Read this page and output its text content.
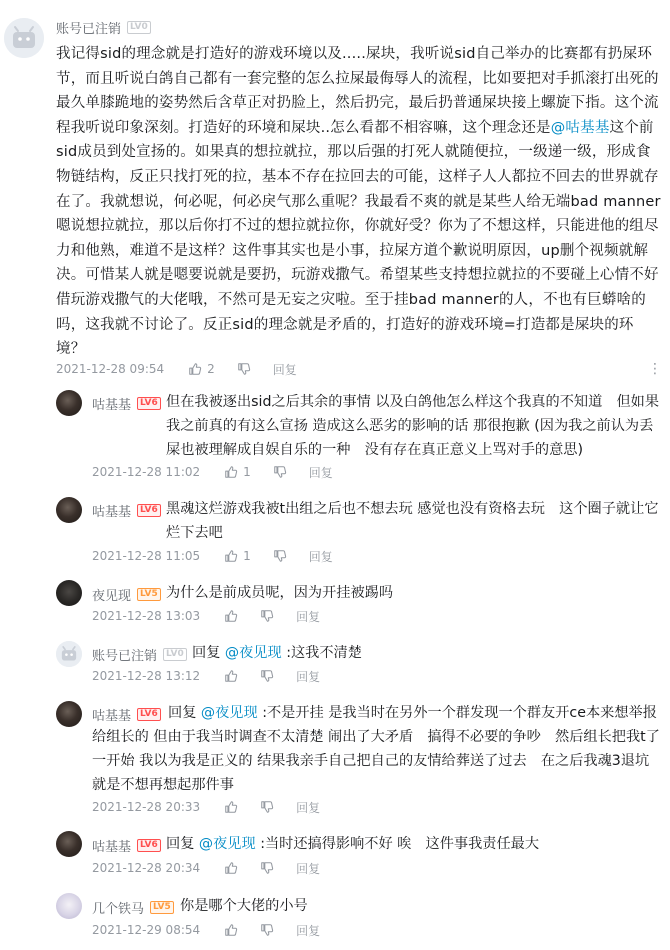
账号已注销	LV0
我记得sid的理念就是打造好的游戏环境以及.....屎块，我听说sid自己举办的比赛都有扔屎环节，而且听说白鸽自己都有一套完整的怎么拉屎最侮辱人的流程，比如要把对手抓滚打出死的最久单膝跪地的姿势然后含草正对扔脸上，然后扔完，最后扔普通屎块接上螺旋下指。这个流程我听说印象深刻。打造好的环境和屎块..怎么看都不相容嘛，这个理念还是@咕基基这个前sid成员到处宣扬的。如果真的想拉就拉，那以后强的打死人就随便拉，一级递一级，形成食物链结构，反正只找打死的拉，基本不存在拉回去的可能，这样子人人都拉不回去的世界就存在了。我就想说，何必呢，何必戾气那么重呢？我最看不爽的就是某些人给无端bad manner嗯说想拉就拉，那以后你打不过的想拉就拉你，你就好受？你为了不想这样，只能进他的组尽力和他熟，难道不是这样？这件事其实也是小事，拉屎方道个歉说明原因，up删个视频就解决。可惜某人就是嗯要说就是要扔，玩游戏撒气。希望某些支持想拉就拉的不要碰上心情不好借玩游戏撒气的大佬哦，不然可是无妄之灾啦。至于挂bad manner的人，不也有巨蟒啥的吗，这我就不讨论了。反正sid的理念就是矛盾的，打造好的游戏环境=打造都是屎块的环境？
2021-12-28 09:54	2	回复	⋮
咕基基	LV6 但在我被逐出sid之后其余的事情 以及白鸽他怎么样这个我真的不知道　但如果我之前真的有这么宣扬 造成这么恶劣的影响的话 那很抱歉 (因为我之前认为丢屎也被理解成自娱自乐的一种　没有存在真正意义上骂对手的意思)
2021-12-28 11:02	1	回复
咕基基	LV6 黑魂这烂游戏我被t出组之后也不想去玩 感觉也没有资格去玩　这个圈子就让它烂下去吧
2021-12-28 11:05	1	回复
夜见现	LV5 为什么是前成员呢，因为开挂被踢吗
2021-12-28 13:03	回复
账号已注销	LV0 回复 @夜见现 :这我不清楚
2021-12-28 13:12	回复
咕基基	LV6 回复 @夜见现 :不是开挂 是我当时在另外一个群发现一个群友开ce本来想举报给组长的 但由于我当时调查不太清楚 闹出了大矛盾　搞得不必要的争吵　然后组长把我t了 一开始 我以为我是正义的 结果我亲手自己把自己的友情给葬送了过去　在之后我魂3退坑 就是不想再想起那件事
2021-12-28 20:33	回复
咕基基	LV6 回复 @夜见现 :当时还搞得影响不好 唉　这件事我责任最大
2021-12-28 20:34	回复
几个铁马	LV5 你是哪个大佬的小号
2021-12-29 08:54	回复
